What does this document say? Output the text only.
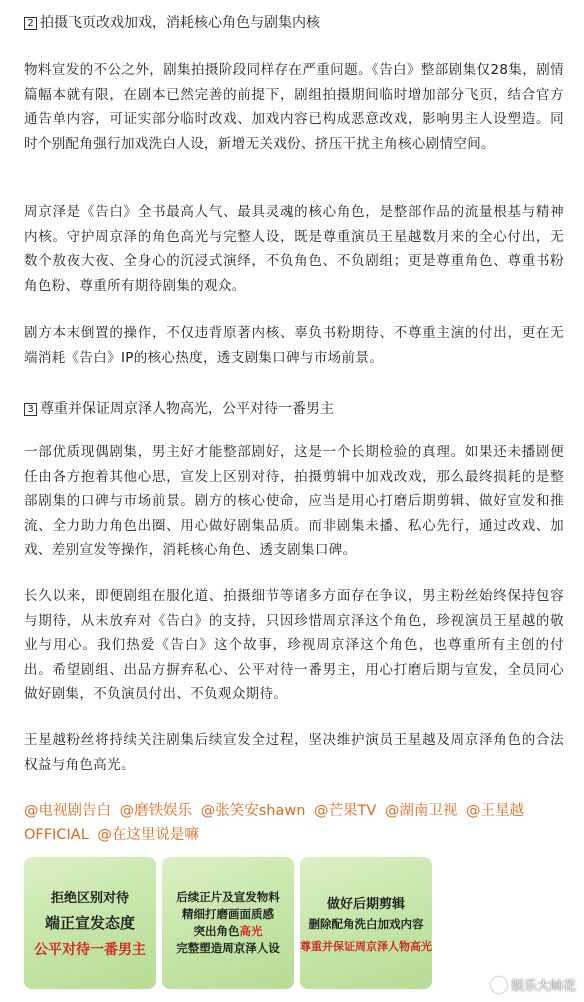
2 拍摄飞页改戏加戏，消耗核心角色与剧集内核

物料宣发的不公之外，剧集拍摄阶段同样存在严重问题。《告白》整部剧集仅28集，剧情篇幅本就有限，在剧本已然完善的前提下，剧组拍摄期间临时增加部分飞页，结合官方通告单内容，可证实部分临时改戏、加戏内容已构成恶意改戏，影响男主人设塑造。同时个别配角强行加戏洗白人设，新增无关戏份、挤压干扰主角核心剧情空间。

周京泽是《告白》全书最高人气、最具灵魂的核心角色，是整部作品的流量根基与精神内核。守护周京泽的角色高光与完整人设，既是尊重演员王星越数月来的全心付出，无数个敖夜大夜、全身心的沉浸式演绎，不负角色、不负剧组；更是尊重角色、尊重书粉角色粉、尊重所有期待剧集的观众。

剧方本末倒置的操作，不仅违背原著内核、辜负书粉期待、不尊重主演的付出，更在无端消耗《告白》IP的核心热度，透支剧集口碑与市场前景。

3 尊重并保证周京泽人物高光，公平对待一番男主

一部优质现偶剧集，男主好才能整部剧好，这是一个长期检验的真理。如果还未播剧便任由各方抱着其他心思，宣发上区别对待，拍摄剪辑中加戏改戏，那么最终损耗的是整部剧集的口碑与市场前景。剧方的核心使命，应当是用心打磨后期剪辑、做好宣发和推流、全力助力角色出圈、用心做好剧集品质。而非剧集未播、私心先行，通过改戏、加戏、差别宣发等操作，消耗核心角色、透支剧集口碑。

长久以来，即便剧组在服化道、拍摄细节等诸多方面存在争议，男主粉丝始终保持包容与期待，从未放弃对《告白》的支持，只因珍惜周京泽这个角色，珍视演员王星越的敬业与用心。我们热爱《告白》这个故事，珍视周京泽这个角色，也尊重所有主创的付出。希望剧组、出品方摒弃私心、公平对待一番男主，用心打磨后期与宣发，全员同心做好剧集，不负演员付出、不负观众期待。

王星越粉丝将持续关注剧集后续宣发全过程，坚决维护演员王星越及周京泽角色的合法权益与角色高光。

@电视剧告白 @磨铁娱乐 @张笑安shawn @芒果TV @湖南卫视 @王星越OFFICIAL @在这里说是嘛
拒绝区别对待
端正宣发态度
公平对待一番男主
后续正片及宣发物料
精细打磨画面质感
突出角色高光
完整塑造周京泽人设
做好后期剪辑
删除配角洗白加戏内容
尊重并保证周京泽人物高光
娱乐大屾花
